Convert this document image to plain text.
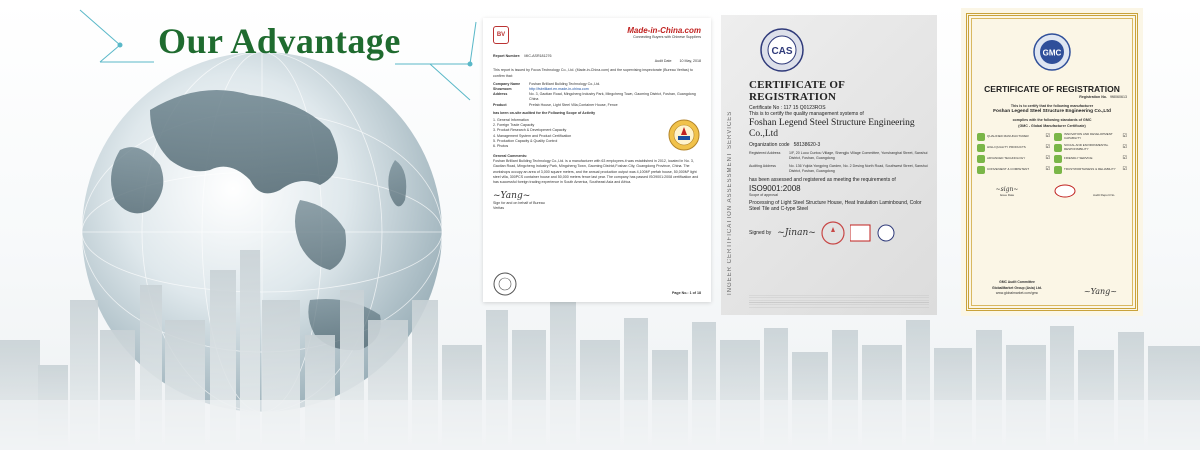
Our Advantage	BV	Made-in-China.com
Connecting Buyers with Chinese Suppliers
Report Number: MIC-ASR181276
Audit Date 10 May, 2018
This report is issued by Focus Technology Co., Ltd. (Made-in-China.com) and the supervising inspectorate (Bureau Veritas) to confirm that:
Company Name	Foshan Brilliant Building Technology Co.,Ltd.
Showroom	http://fsbrilliant.en.made-in-china.com
Address	No. 3, Gaotian Road, Mingcheng Industry Park, Mingcheng Town, Gaoming District, Foshan, Guangdong China
Product	Prefab House, Light Steel Villa,Container House, Fence
has been on-site audited for the Following Scope of Activity
1. General Information
2. Foreign Trade Capacity
3. Product Research & Development Capacity
4. Management System and Product Certification
5. Production Capacity & Quality Control
6. Photos
General Comments:
Foshan Brilliant Building Technology Co.,Ltd. is a manufacturer with 63 employees.it was established in 2012, located in No. 3, Gaotian Road, Mingcheng Industry Park, Mingcheng Town, Gaoming District,Foshan City, Guangdong Province, China. The workshops occupy an area of 3,000 square meters, and the annual production output was 4,100M² prefab house, 50,000M² light steel villa, 300PCS container house and 50,000 meters fence last year. The company has passed ISO9001:2008 certification and has successful foreign trading experience in South America, Southeast Asia and Africa.
~Yang~
Sign for and on behalf of Bureau Veritas
Page No.: 1 of 18	INGEER CERTIFICATION ASSESSMENT SERVICES
CAS
CERTIFICATE OF REGISTRATION
Certificate No : 117 15 Q0123ROS
This is to certify the quality management systems of
Foshan Legend Steel Structure Engineering Co.,Ltd
Organization code 58138620-3
Registered Address	1/F, 20 Luou Cuntou Village, Shengjiu Village Committee, Yunshanghai Street, Sanshui District, Foshan, Guangdong
Auditing Address	No. 136 Yujida Yongping Garden, No. 2 Desing North Road, Southwest Street, Sanshui District, Foshan, Guangdong
has been assessed and registered as meeting the requirements of
ISO9001:2008
Scope of approval
Processing of Light Steel Structure House, Heat Insulation Laminbound, Color Steel Tile and C-type Steel
Signed by ~Jinan~
GMC
CERTIFICATE OF REGISTRATION
Registration No. 9f8060613
This is to certify that the following manufacturer
Foshan Legend Steel Structure Engineering Co.,Ltd
complies with the following standards of GMC
(GMC - Global Manufacturer Certificate)
QUALIFIED MANUFACTURER	☑
HIGH QUALITY PRODUCTS	☑
ADVANCED TECHNOLOGY	☑
CONVENIENT & COMPETENT	☑
INNOVATION AND DEVELOPMENT CAPABILITY	☑
SOCIAL AND ENVIRONMENTAL RESPONSIBILITY	☑
FRIENDLY SERVICE	☑
TRUSTWORTHINESS & RELIABILITY	☑
~sign~
Issue Date	Audit Report No.
GMC Audit Committee
GlobalMarket Group (Asia) Ltd.
www.globalmarket.com/gmc	~Yang~
